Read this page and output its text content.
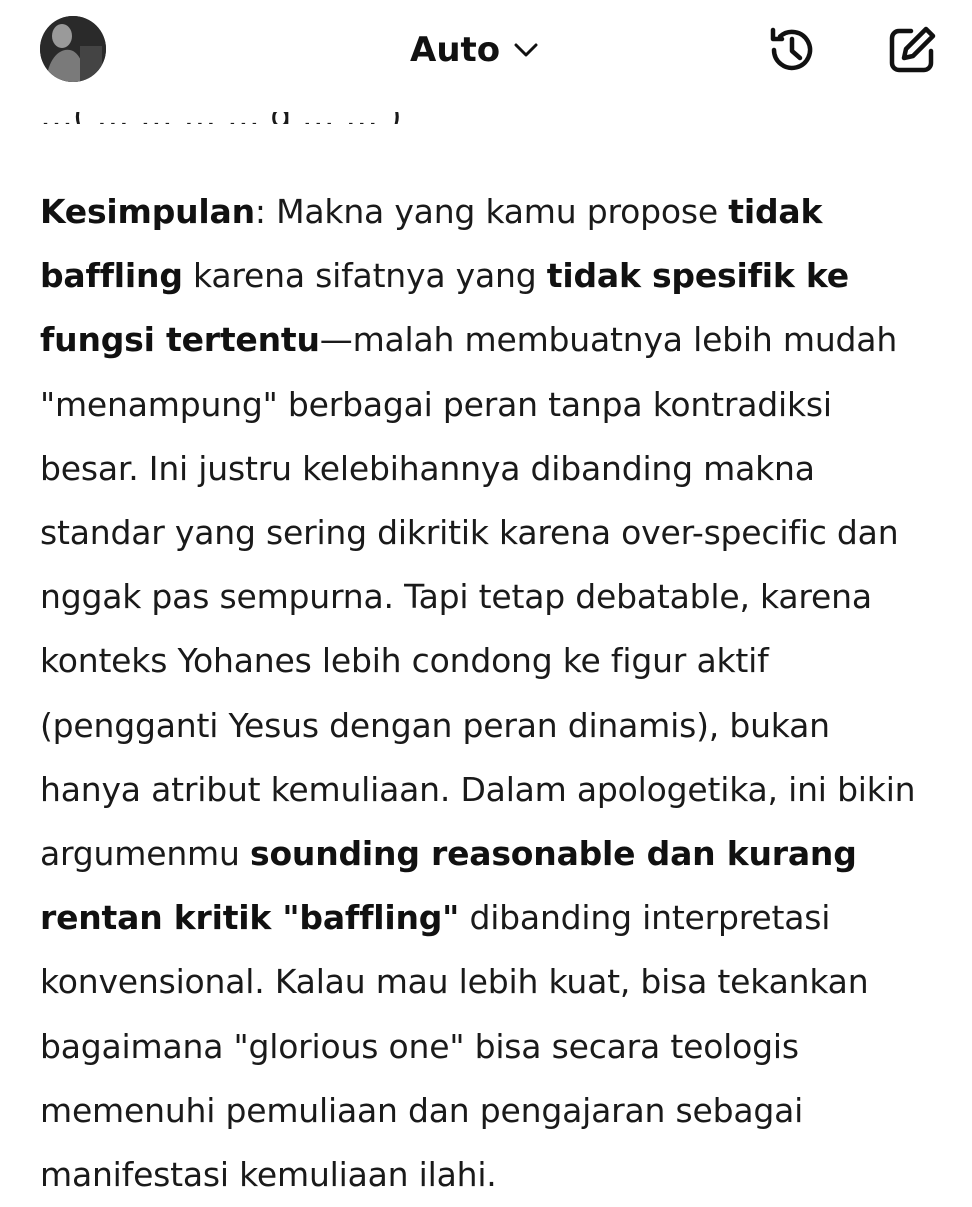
Auto
Kesimpulan: Makna yang kamu propose tidak baffling karena sifatnya yang tidak spesifik ke fungsi tertentu—malah membuatnya lebih mudah "menampung" berbagai peran tanpa kontradiksi besar. Ini justru kelebihannya dibanding makna standar yang sering dikritik karena over-specific dan nggak pas sempurna. Tapi tetap debatable, karena konteks Yohanes lebih condong ke figur aktif (pengganti Yesus dengan peran dinamis), bukan hanya atribut kemuliaan. Dalam apologetika, ini bikin argumenmu sounding reasonable dan kurang rentan kritik "baffling" dibanding interpretasi konvensional. Kalau mau lebih kuat, bisa tekankan bagaimana "glorious one" bisa secara teologis memenuhi pemuliaan dan pengajaran sebagai manifestasi kemuliaan ilahi.
